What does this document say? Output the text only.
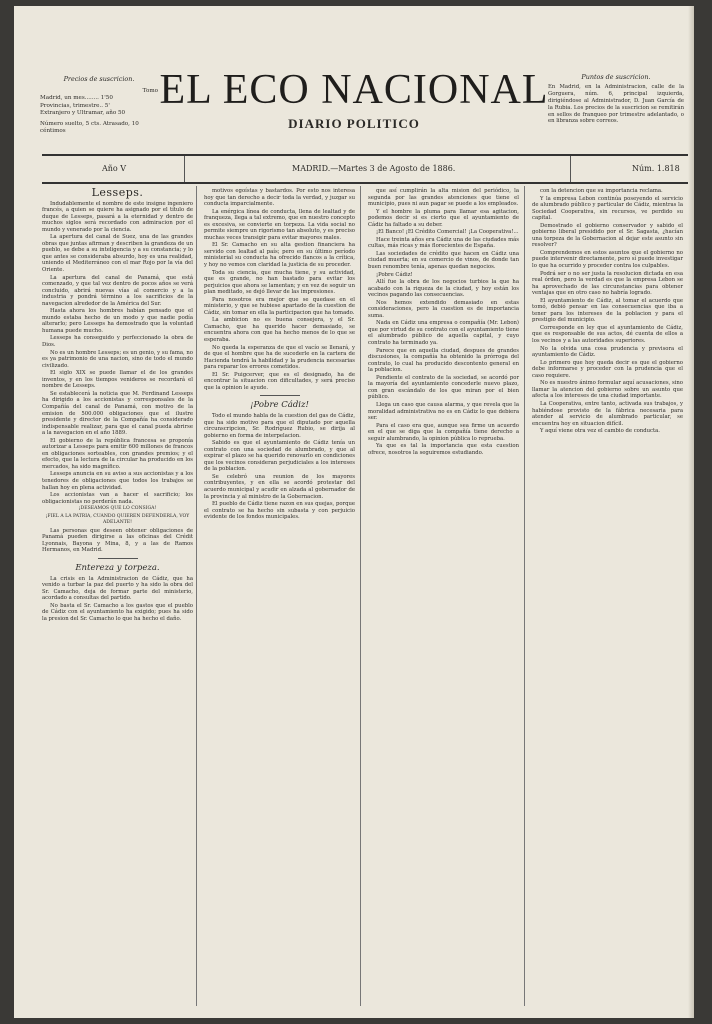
Precios de suscricion.
Tomo
Madrid, un mes........ 1'50
Provincias, trimestre.. 5'
Extranjero y Ultramar, año 50
Número suelto, 5 cts. Atrasado, 10 céntimos
EL ECO NACIONAL
DIARIO POLITICO
Puntos de suscricion.
En Madrid, en la Administracion, calle de la Gorguera, núm. 6, principal izquierda, dirigiéndose al Administrador, D. Juan García de la Rubia. Los precios de la suscricion se remitirán en sellos de franqueo por trimestre adelantado, o en libranza sobre correos.
Año V	MADRID.—Martes 3 de Agosto de 1886.	Núm. 1.818
Lesseps.

Indudablemente el nombre de este insigne ingeniero francés, a quien se quiere ha asignado por el título de duque de Lesseps, pasará a la eternidad y dentro de muchos siglos será recordado con admiracion por el mundo y venerado por la ciencia.

La apertura del canal de Suez, una de las grandes obras que juntas afirman y describen la grandeza de un pueblo, se debe a su inteligencia y a su constancia; y lo que antes se consideraba absurdo, hoy es una realidad, uniendo el Mediterráneo con el mar Rojo por la vía del Oriente.

La apertura del canal de Panamá, que está comenzado, y que tal vez dentro de pocos años se verá concluido, abrirá nuevas vías al comercio y a la industria y pondrá término a los sacrificios de la navegacion alrededor de la América del Sur.

Hasta ahora los hombres habían pensado que el mundo estaba hecho de un modo y que nadie podía alterarlo; pero Lesseps ha demostrado que la voluntad humana puede mucho.

Lesseps ha conseguido y perfeccionado la obra de Dios.

No es un hombre Lesseps; es un genio, y su fama, no es ya patrimonio de una nacion, sino de todo el mundo civilizado.

El siglo XIX se puede llamar el de los grandes inventos, y en los tiempos venideros se recordará el nombre de Lesseps.

Se establecerá la noticia que M. Ferdinand Lesseps ha dirigido a los accionistas y corresponsales de la Compañía del canal de Panamá, con motivo de la emision de 500.000 obligaciones que el ilustre presidente y director de la Compañía ha considerado indispensable realizar, para que el canal pueda abrirse a la navegacion en el año 1889.

El gobierno de la república francesa se proponía autorizar a Lesseps para emitir 600 millones de francos en obligaciones sorteables, con grandes premios; y el efecto, que la lectura de la circular ha producido en los mercados, ha sido magnífico.

Lesseps anuncia en su aviso a sus accionistas y a los tenedores de obligaciones que todos los trabajos se hallan hoy en plena actividad.

Los accionistas van a hacer el sacrificio; los obligacionistas no perderán nada.

¡DESEAMOS QUE LO CONSIGA!

¡FIEL A LA PATRIA, CUANDO QUIEREN DEFENDERLA, VOY ADELANTE!

Las personas que deseen obtener obligaciones de Panamá pueden dirigirse a las oficinas del Crédit Lyonnais, Bayona y Mina, 8, y a las de Ramos Hermanos, en Madrid.

Entereza y torpeza.

La crisis en la Administracion de Cádiz, que ha venido a turbar la paz del puerto y ha sido la obra del Sr. Camacho, deja de formar parte del ministerio, acordado a consultas del partido.

No basta el Sr. Camacho a los gastos que el pueblo de Cádiz con el ayuntamiento ha exigido; pues ha sido la presion del Sr. Camacho lo que ha hecho el daño.

motivos egoístas y bastardos. Por esto nos interesa hoy que tan derecho a decir toda la verdad, y juzgar su conducta imparcialmente.

La enérgica línea de conducta, llena de lealtad y de franqueza, llega a tal extremo, que en nuestro concepto es excesiva, se convierte en torpeza. La vida social no permite siempre un rigorismo tan absoluto, y es preciso muchas veces transigir para evitar mayores males.

El Sr. Camacho en su alta gestion financiera ha servido con lealtad al país; pero en su último período ministerial su conducta ha ofrecido flancos a la crítica, y hoy no vemos con claridad la justicia de su proceder.

Toda su ciencia, que mucha tiene, y su actividad, que es grande, no han bastado para evitar los perjuicios que ahora se lamentan; y en vez de seguir un plan meditado, se dejó llevar de las impresiones.

Para nosotros era mejor que se quedase en el ministerio, y que se hubiese apartado de la cuestion de Cádiz, sin tomar en ella la participacion que ha tomado.

La ambicion no es buena consejera, y el Sr. Camacho, que ha querido hacer demasiado, se encuentra ahora con que ha hecho menos de lo que se esperaba.

No queda la esperanza de que el vacío se llenará, y de que el hombre que ha de sucederle en la cartera de Hacienda tendrá la habilidad y la prudencia necesarias para reparar los errores cometidos.

El Sr. Puigcerver, que es el designado, ha de encontrar la situacion con dificultades, y será preciso que la opinion le ayude.

¡Pobre Cádiz!

Todo el mundo habla de la cuestion del gas de Cádiz, que ha sido motivo para que el diputado por aquella circunscripcion, Sr. Rodríguez Rubio, se dirija al gobierno en forma de interpelacion.

Sabido es que el ayuntamiento de Cádiz tenía un contrato con una sociedad de alumbrado, y que al expirar el plazo se ha querido renovarlo en condiciones que los vecinos consideran perjudiciales a los intereses de la poblacion.

Se celebró una reunion de los mayores contribuyentes, y en ella se acordó protestar del acuerdo municipal y acudir en alzada al gobernador de la provincia y al ministro de la Gobernacion.

El pueblo de Cádiz tiene razon en sus quejas, porque el contrato se ha hecho sin subasta y con perjuicio evidente de los fondos municipales.

que así cumplirán la alta mision del periódico, la segunda por las grandes atenciones que tiene el municipio, pues ni aun pagar se puede a los empleados.

Y el hombre la pluma para llamar esa agitacion, podemos decir si es cierto que el ayuntamiento de Cádiz ha faltado a su deber.

¡El Banco! ¡El Crédito Comercial! ¡La Cooperativa!...

Hace treinta años era Cádiz una de las ciudades más cultas, más ricas y más florecientes de España.

Las sociedades de crédito que hacen en Cádiz una ciudad muerta; en su comercio de vinos, de donde tan buen renombre tenía, apenas quedan negocios.

¡Pobre Cádiz!

Allí fue la obra de los negocios turbios la que ha acabado con la riqueza de la ciudad, y hoy están los vecinos pagando las consecuencias.

Nos hemos extendido demasiado en estas consideraciones, pero la cuestion es de importancia suma.

Nada en Cádiz una empresa o compañía (Mr. Lebon) que por virtud de su contrato con el ayuntamiento tiene el alumbrado público de aquella capital, y cuyo contrato ha terminado ya.

Parece que en aquella ciudad, despues de grandes discusiones, la compañía ha obtenido la prórroga del contrato, lo cual ha producido descontento general en la poblacion.

Pendiente el contrato de la sociedad, se acordó por la mayoría del ayuntamiento concederle nuevo plazo, con gran escándalo de los que miran por el bien público.

Llega un caso que causa alarma, y que revela que la moralidad administrativa no es en Cádiz lo que debiera ser.

Para el caso era que, aunque sea firme un acuerdo en el que se diga que la compañía tiene derecho a seguir alumbrando, la opinion pública lo reprueba.

Ya que es tal la importancia que esta cuestion ofrece, nosotros la seguiremos estudiando.

con la detencion que su importancia reclama.

Y la empresa Lebon continúa poseyendo el servicio de alumbrado público y particular de Cádiz, mientras la Sociedad Cooperativa, sin recursos, ve perdido su capital.

Demostrado el gobierno conservador y sabido el gobierno liberal presidido por el Sr. Sagasta, ¿hacían una torpeza de la Gobernacion al dejar este asunto sin resolver?

Comprendemos en estos asuntos que el gobierno no puede intervenir directamente, pero sí puede investigar lo que ha ocurrido y proceder contra los culpables.

Podrá ser o no ser justa la resolucion dictada en esa real órden, pero la verdad es que la empresa Lebon se ha aprovechado de las circunstancias para obtener ventajas que en otro caso no habría logrado.

El ayuntamiento de Cádiz, al tomar el acuerdo que tomó, debió pensar en las consecuencias que iba a tener para los intereses de la poblacion y para el prestigio del municipio.

Corresponde en ley que el ayuntamiento de Cádiz, que es responsable de sus actos, dé cuenta de ellos a los vecinos y a las autoridades superiores.

No la olvida una cosa prudencia y previsora el ayuntamiento de Cádiz.

Lo primero que hoy queda decir es que el gobierno debe informarse y proceder con la prudencia que el caso requiere.

No es nuestro ánimo formular aquí acusaciones, sino llamar la atencion del gobierno sobre un asunto que afecta a los intereses de una ciudad importante.

La Cooperativa, entre tanto, activada sus trabajos, y habiéndose provisto de la fábrica necesaria para atender al servicio de alumbrado particular, se encuentra hoy en situacion difícil.

Y aquí viene otra vez el cambio de conducta.
